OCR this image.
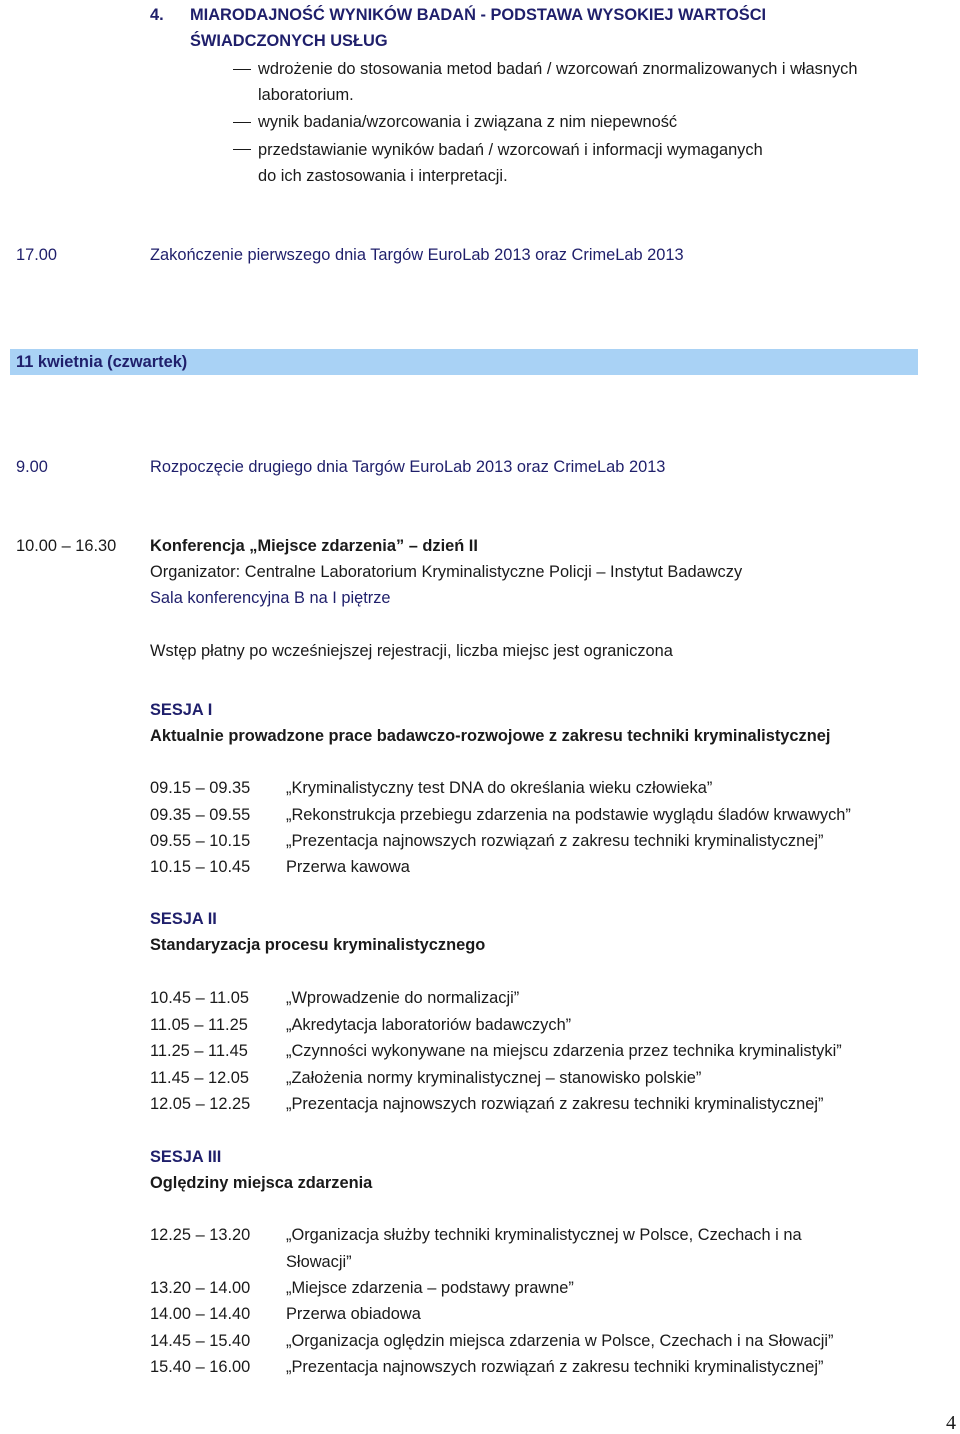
4. MIARODAJNOŚĆ WYNIKÓW BADAŃ - PODSTAWA WYSOKIEJ WARTOŚCI
ŚWIADCZONYCH USŁUG
wdrożenie do stosowania metod badań / wzorcowań znormalizowanych i własnych
laboratorium.
wynik badania/wzorcowania i związana z nim niepewność
przedstawianie wyników badań / wzorcowań i informacji wymaganych
do ich zastosowania i interpretacji.
17.00	Zakończenie pierwszego dnia Targów EuroLab 2013 oraz CrimeLab 2013
11 kwietnia (czwartek)
9.00	Rozpoczęcie drugiego dnia Targów EuroLab 2013 oraz CrimeLab 2013
10.00 – 16.30 Konferencja „Miejsce zdarzenia” – dzień II
Organizator: Centralne Laboratorium Kryminalistyczne Policji – Instytut Badawczy
Sala konferencyjna B na I piętrze
Wstęp płatny po wcześniejszej rejestracji, liczba miejsc jest ograniczona
SESJA I
Aktualnie prowadzone prace badawczo-rozwojowe z zakresu techniki kryminalistycznej
09.15 – 09.35 „Kryminalistyczny test DNA do określania wieku człowieka”
09.35 – 09.55 „Rekonstrukcja przebiegu zdarzenia na podstawie wyglądu śladów krwawych”
09.55 – 10.15 „Prezentacja najnowszych rozwiązań z zakresu techniki kryminalistycznej”
10.15 – 10.45 Przerwa kawowa
SESJA II
Standaryzacja procesu kryminalistycznego
10.45 – 11.05 „Wprowadzenie do normalizacji”
11.05 – 11.25 „Akredytacja laboratoriów badawczych”
11.25 – 11.45 „Czynności wykonywane na miejscu zdarzenia przez technika kryminalistyki”
11.45 – 12.05 „Założenia normy kryminalistycznej – stanowisko polskie”
12.05 – 12.25 „Prezentacja najnowszych rozwiązań z zakresu techniki kryminalistycznej”
SESJA III
Oględziny miejsca zdarzenia
12.25 – 13.20 „Organizacja służby techniki kryminalistycznej w Polsce, Czechach i na
Słowacji”
13.20 – 14.00 „Miejsce zdarzenia – podstawy prawne”
14.00 – 14.40 Przerwa obiadowa
14.45 – 15.40 „Organizacja oględzin miejsca zdarzenia w Polsce, Czechach i na Słowacji”
15.40 – 16.00 „Prezentacja najnowszych rozwiązań z zakresu techniki kryminalistycznej”
4
